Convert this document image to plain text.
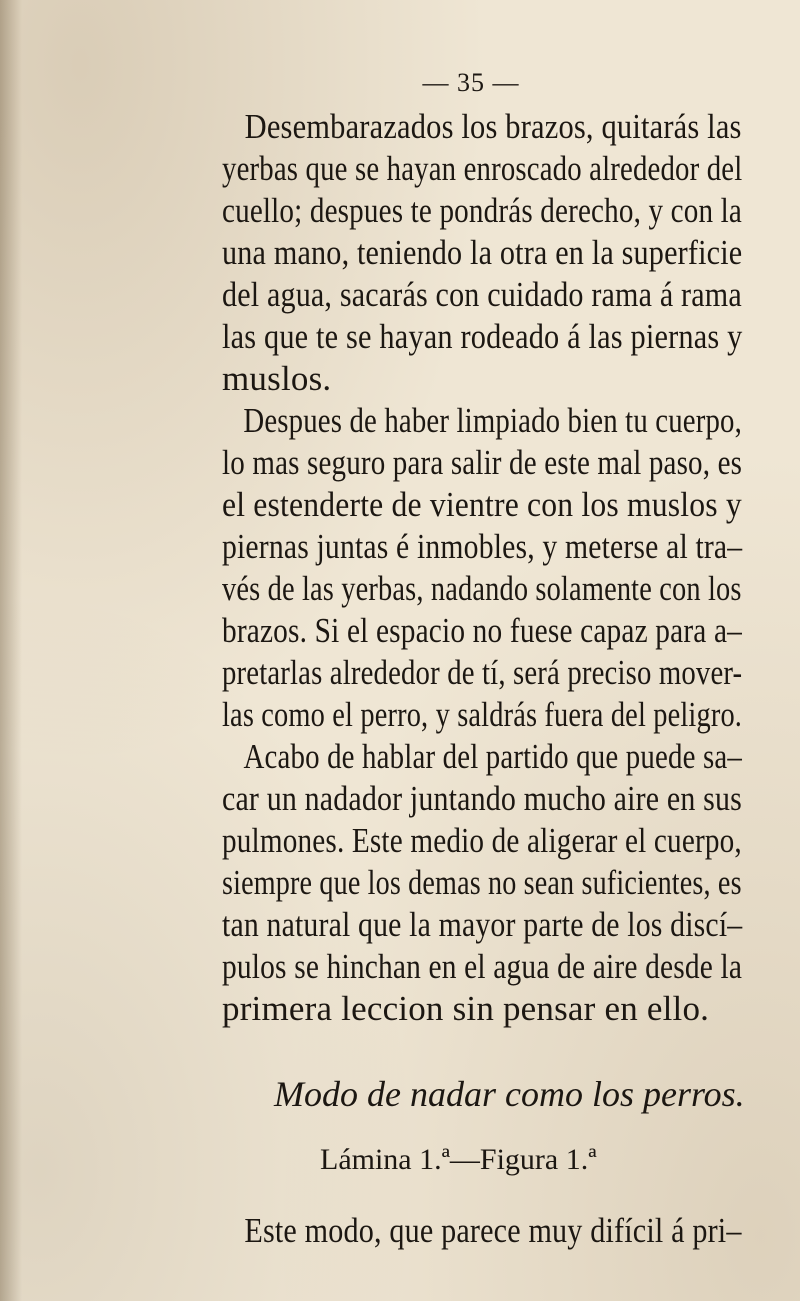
— 35 —
Desembarazados los brazos, quitarás las
yerbas que se hayan enroscado alrededor del
cuello; despues te pondrás derecho, y con la
una mano, teniendo la otra en la superficie
del agua, sacarás con cuidado rama á rama
las que te se hayan rodeado á las piernas y
muslos.
Despues de haber limpiado bien tu cuerpo,
lo mas seguro para salir de este mal paso, es
el estenderte de vientre con los muslos y
piernas juntas é inmobles, y meterse al tra–
vés de las yerbas, nadando solamente con los
brazos. Si el espacio no fuese capaz para a–
pretarlas alrededor de tí, será preciso mover-
las como el perro, y saldrás fuera del peligro.
Acabo de hablar del partido que puede sa–
car un nadador juntando mucho aire en sus
pulmones. Este medio de aligerar el cuerpo,
siempre que los demas no sean suficientes, es
tan natural que la mayor parte de los discí–
pulos se hinchan en el agua de aire desde la
primera leccion sin pensar en ello.
Modo de nadar como los perros.
Lámina 1.ª—Figura 1.ª
Este modo, que parece muy difícil á pri–
